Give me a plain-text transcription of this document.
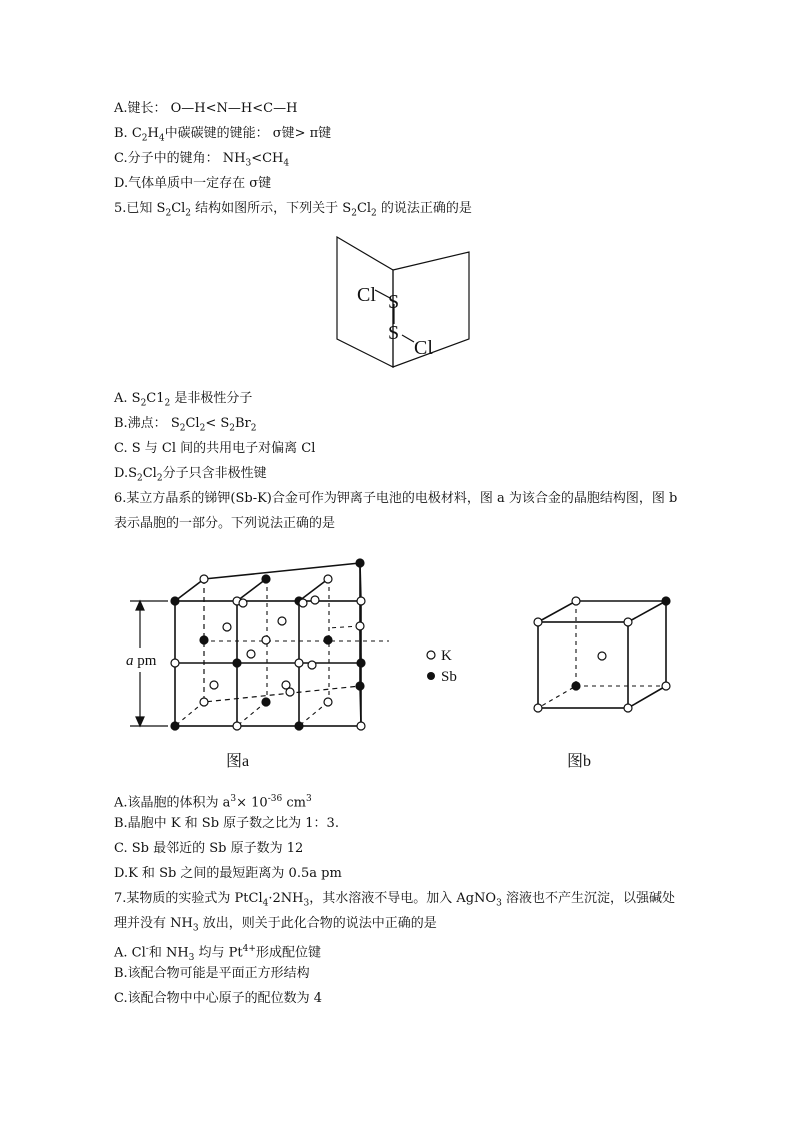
A.键长： O—H<N—H<C—H
B. $C_2H_4$中碳碳键的键能： σ键> π键
C.分子中的键角： $NH_3<CH_4$
D.气体单质中一定存在 σ键
5.已知 $S_2Cl_2$ 结构如图所示，下列关于 $S_2Cl_2$ 的说法正确的是
Cl S
S
Cl
A. $S_2C1_2$ 是非极性分子
B.沸点： $S_2Cl_2< S_2Br_2$
C. S 与 Cl 间的共用电子对偏离 Cl
$D.S_2Cl_2$分子只含非极性键
6.某立方晶系的锑钾(Sb-K)合金可作为钾离子电池的电极材料，图 a 为该合金的晶胞结构图，图 b
表示晶胞的一部分。下列说法正确的是
a pm	K
Sb
图a	图b
A.该晶胞的体积为 $a^3\times 10^{-36}$ $cm^3$
B.晶胞中 K 和 Sb 原子数之比为 1：3.
C. Sb 最邻近的 Sb 原子数为 12
D.K 和 Sb 之间的最短距离为 0.5a pm
7.某物质的实验式为 $PtCl_4\cdot 2NH_3$，其水溶液不导电。加入 AgNO$_3$ 溶液也不产生沉淀，以强碱处
理并没有 $NH_3$ 放出，则关于此化合物的说法中正确的是
A. Cl-和 $NH_3$ 均与 $Pt^{4+}$形成配位键
B.该配合物可能是平面正方形结构
C.该配合物中中心原子的配位数为 4
